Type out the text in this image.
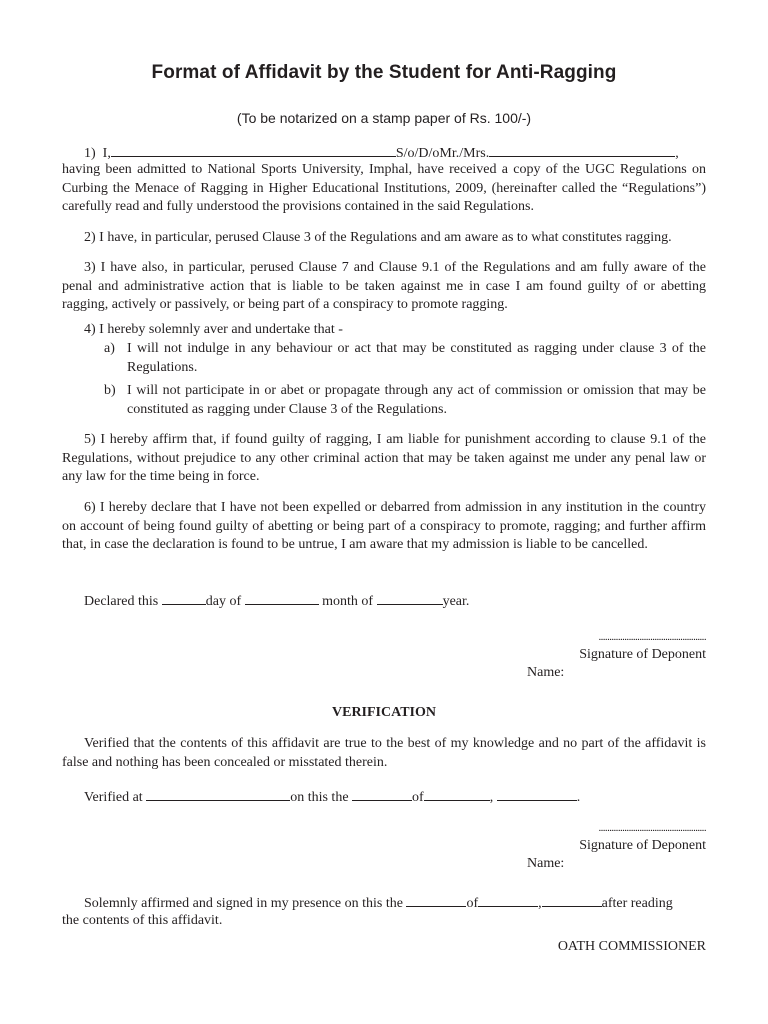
Format of Affidavit by the Student for Anti-Ragging
(To be notarized on a stamp paper of Rs. 100/-)
1) I,	S/o/D/oMr./Mrs.	,
having been admitted to National Sports University, Imphal, have received a copy of the UGC Regulations on Curbing the Menace of Ragging in Higher Educational Institutions, 2009, (hereinafter called the “Regulations”) carefully read and fully understood the provisions contained in the said Regulations.
2) I have, in particular, perused Clause 3 of the Regulations and am aware as to what constitutes ragging.
3) I have also, in particular, perused Clause 7 and Clause 9.1 of the Regulations and am fully aware of the penal and administrative action that is liable to be taken against me in case I am found guilty of or abetting ragging, actively or passively, or being part of a conspiracy to promote ragging.
4) I hereby solemnly aver and undertake that -
a) I will not indulge in any behaviour or act that may be constituted as ragging under clause 3 of the Regulations.
b) I will not participate in or abet or propagate through any act of commission or omission that may be constituted as ragging under Clause 3 of the Regulations.
5) I hereby affirm that, if found guilty of ragging, I am liable for punishment according to clause 9.1 of the Regulations, without prejudice to any other criminal action that may be taken against me under any penal law or any law for the time being in force.
6) I hereby declare that I have not been expelled or debarred from admission in any institution in the country on account of being found guilty of abetting or being part of a conspiracy to promote, ragging; and further affirm that, in case the declaration is found to be untrue, I am aware that my admission is liable to be cancelled.
Declared this	day of	month of	year.
..................................................
Signature of Deponent
Name:
VERIFICATION
Verified that the contents of this affidavit are true to the best of my knowledge and no part of the affidavit is false and nothing has been concealed or misstated therein.
Verified at	on this the	of	,	.
..................................................
Signature of Deponent
Name:
Solemnly affirmed and signed in my presence on this the	of	,	after reading
the contents of this affidavit.
OATH COMMISSIONER
